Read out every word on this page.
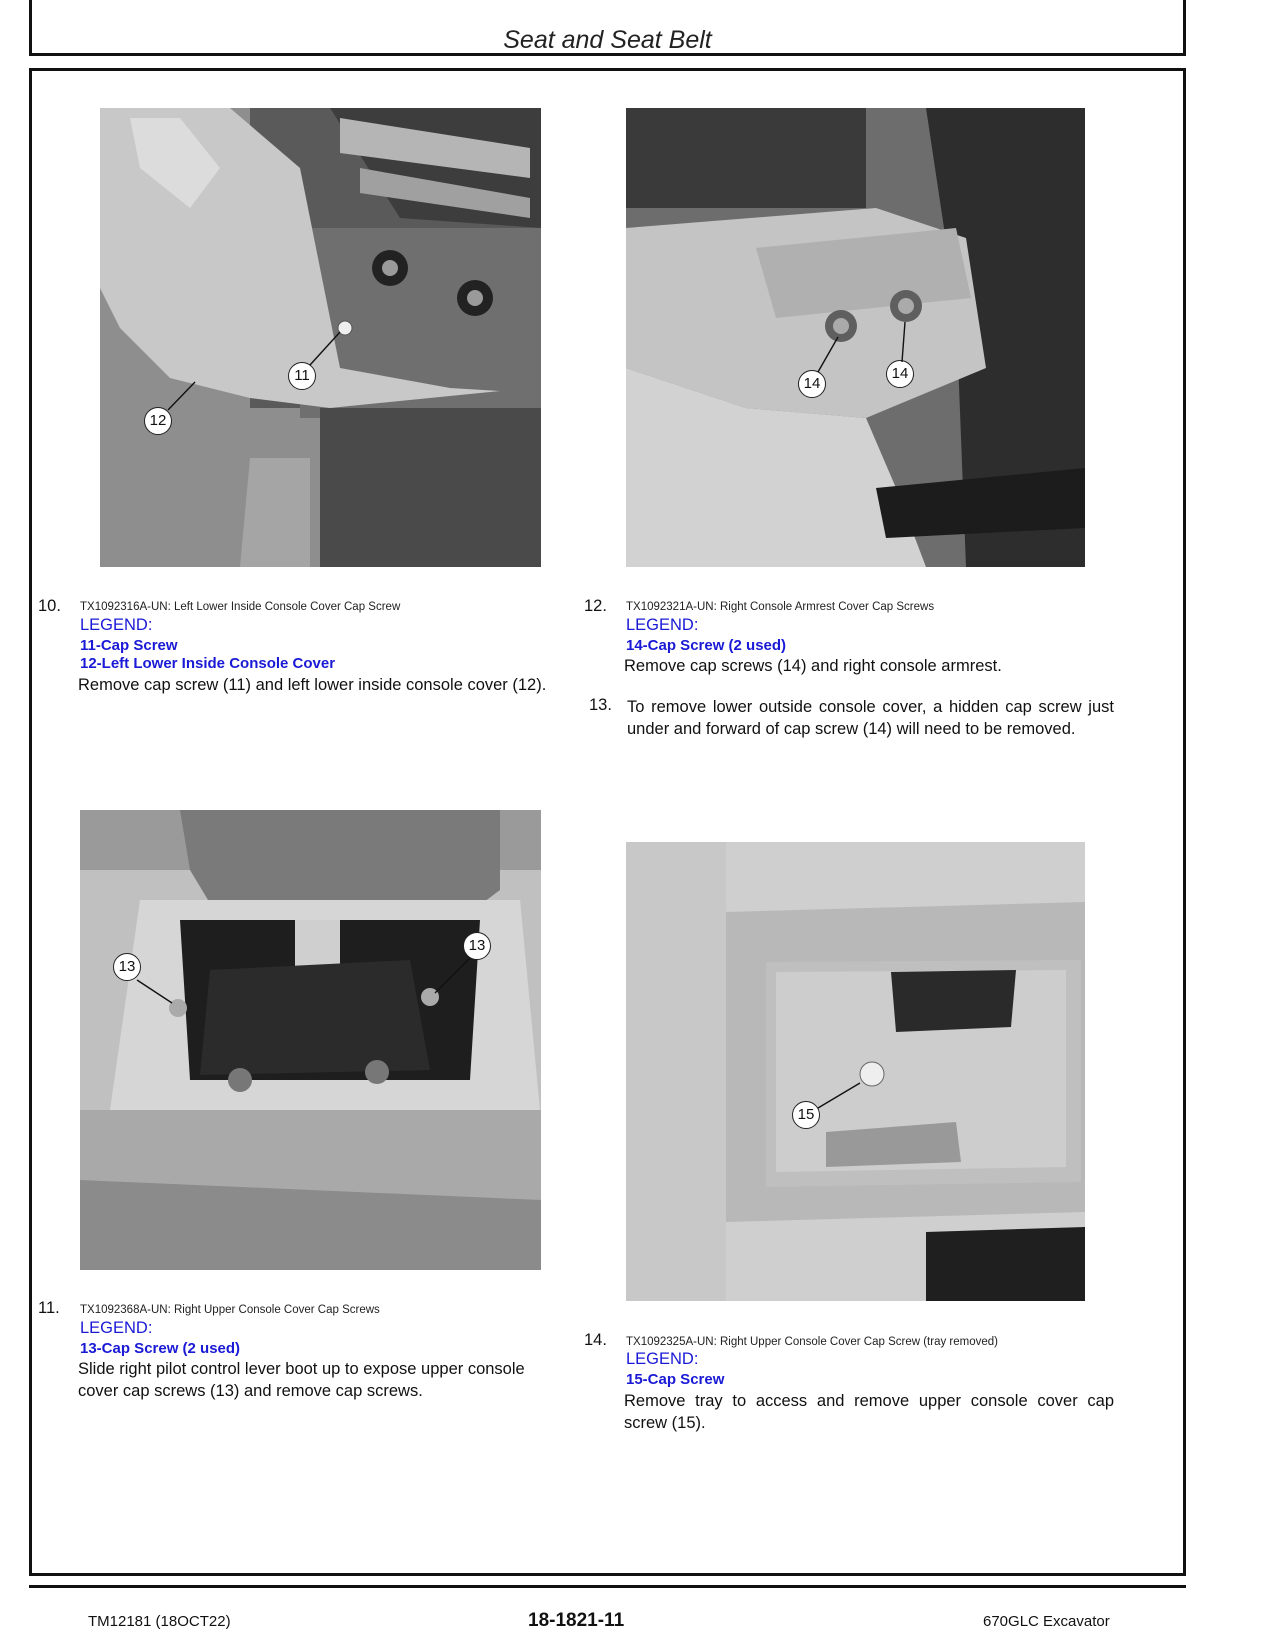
Seat and Seat Belt
11
12
14
14
13
13
15
10. TX1092316A-UN: Left Lower Inside Console Cover Cap Screw
LEGEND:
11-Cap Screw
12-Left Lower Inside Console Cover
Remove cap screw (11) and left lower inside console cover (12).
12. TX1092321A-UN: Right Console Armrest Cover Cap Screws
LEGEND:
14-Cap Screw (2 used)
Remove cap screws (14) and right console armrest.
13. To remove lower outside console cover, a hidden cap screw just under and forward of cap screw (14) will need to be removed.
11. TX1092368A-UN: Right Upper Console Cover Cap Screws
LEGEND:
13-Cap Screw (2 used)
Slide right pilot control lever boot up to expose upper console cover cap screws (13) and remove cap screws.
14. TX1092325A-UN: Right Upper Console Cover Cap Screw (tray removed)
LEGEND:
15-Cap Screw
Remove tray to access and remove upper console cover cap screw (15).
TM12181 (18OCT22)	18-1821-11	670GLC Excavator
